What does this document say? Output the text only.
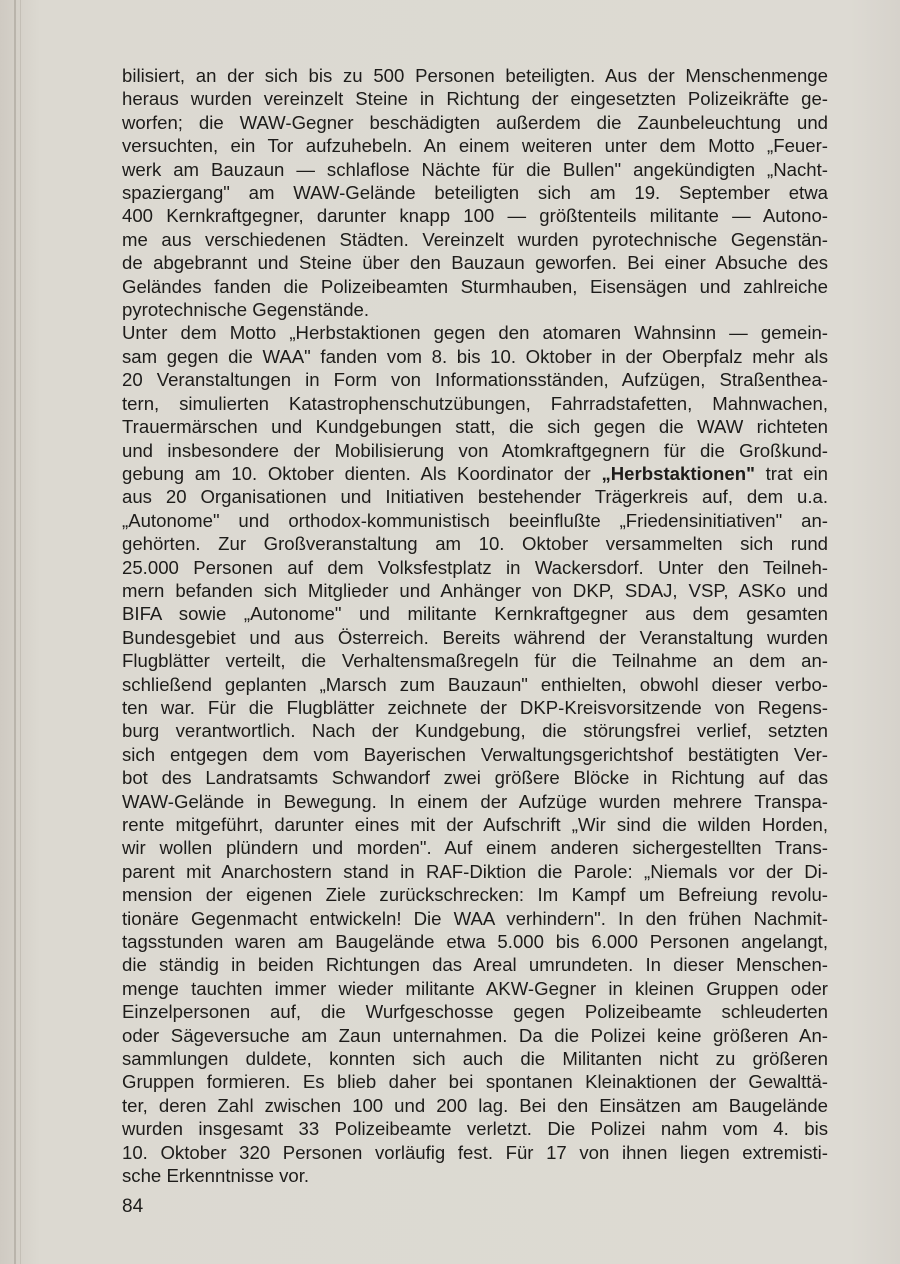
bilisiert, an der sich bis zu 500 Personen beteiligten. Aus der Menschenmenge
heraus wurden vereinzelt Steine in Richtung der eingesetzten Polizeikräfte ge-
worfen; die WAW-Gegner beschädigten außerdem die Zaunbeleuchtung und
versuchten, ein Tor aufzuhebeln. An einem weiteren unter dem Motto „Feuer-
werk am Bauzaun — schlaflose Nächte für die Bullen" angekündigten „Nacht-
spaziergang" am WAW-Gelände beteiligten sich am 19. September etwa
400 Kernkraftgegner, darunter knapp 100 — größtenteils militante — Autono-
me aus verschiedenen Städten. Vereinzelt wurden pyrotechnische Gegenstän-
de abgebrannt und Steine über den Bauzaun geworfen. Bei einer Absuche des
Geländes fanden die Polizeibeamten Sturmhauben, Eisensägen und zahlreiche
pyrotechnische Gegenstände.

Unter dem Motto „Herbstaktionen gegen den atomaren Wahnsinn — gemein-
sam gegen die WAA" fanden vom 8. bis 10. Oktober in der Oberpfalz mehr als
20 Veranstaltungen in Form von Informationsständen, Aufzügen, Straßenthea-
tern, simulierten Katastrophenschutzübungen, Fahrradstafetten, Mahnwachen,
Trauermärschen und Kundgebungen statt, die sich gegen die WAW richteten
und insbesondere der Mobilisierung von Atomkraftgegnern für die Großkund-
gebung am 10. Oktober dienten. Als Koordinator der „Herbstaktionen" trat ein
aus 20 Organisationen und Initiativen bestehender Trägerkreis auf, dem u.a.
„Autonome" und orthodox-kommunistisch beeinflußte „Friedensinitiativen" an-
gehörten. Zur Großveranstaltung am 10. Oktober versammelten sich rund
25.000 Personen auf dem Volksfestplatz in Wackersdorf. Unter den Teilneh-
mern befanden sich Mitglieder und Anhänger von DKP, SDAJ, VSP, ASKo und
BIFA sowie „Autonome" und militante Kernkraftgegner aus dem gesamten
Bundesgebiet und aus Österreich. Bereits während der Veranstaltung wurden
Flugblätter verteilt, die Verhaltensmaßregeln für die Teilnahme an dem an-
schließend geplanten „Marsch zum Bauzaun" enthielten, obwohl dieser verbo-
ten war. Für die Flugblätter zeichnete der DKP-Kreisvorsitzende von Regens-
burg verantwortlich. Nach der Kundgebung, die störungsfrei verlief, setzten
sich entgegen dem vom Bayerischen Verwaltungsgerichtshof bestätigten Ver-
bot des Landratsamts Schwandorf zwei größere Blöcke in Richtung auf das
WAW-Gelände in Bewegung. In einem der Aufzüge wurden mehrere Transpa-
rente mitgeführt, darunter eines mit der Aufschrift „Wir sind die wilden Horden,
wir wollen plündern und morden". Auf einem anderen sichergestellten Trans-
parent mit Anarchostern stand in RAF-Diktion die Parole: „Niemals vor der Di-
mension der eigenen Ziele zurückschrecken: Im Kampf um Befreiung revolu-
tionäre Gegenmacht entwickeln! Die WAA verhindern". In den frühen Nachmit-
tagsstunden waren am Baugelände etwa 5.000 bis 6.000 Personen angelangt,
die ständig in beiden Richtungen das Areal umrundeten. In dieser Menschen-
menge tauchten immer wieder militante AKW-Gegner in kleinen Gruppen oder
Einzelpersonen auf, die Wurfgeschosse gegen Polizeibeamte schleuderten
oder Sägeversuche am Zaun unternahmen. Da die Polizei keine größeren An-
sammlungen duldete, konnten sich auch die Militanten nicht zu größeren
Gruppen formieren. Es blieb daher bei spontanen Kleinaktionen der Gewalttä-
ter, deren Zahl zwischen 100 und 200 lag. Bei den Einsätzen am Baugelände
wurden insgesamt 33 Polizeibeamte verletzt. Die Polizei nahm vom 4. bis
10. Oktober 320 Personen vorläufig fest. Für 17 von ihnen liegen extremisti-
sche Erkenntnisse vor.

84
